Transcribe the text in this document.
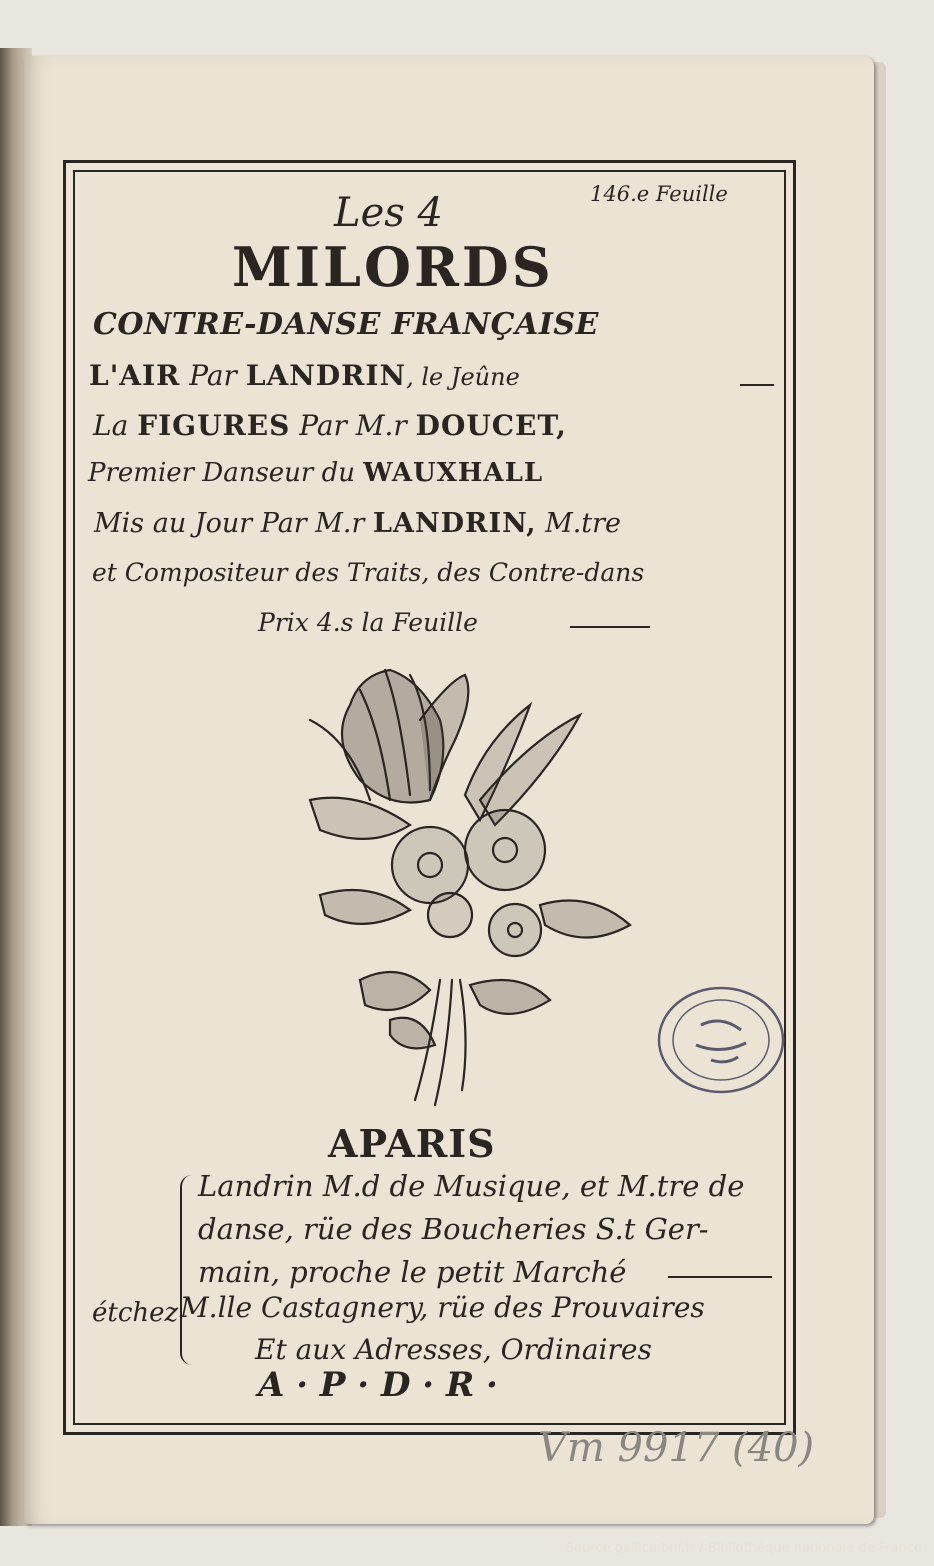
146.e Feuille
Les 4
MILORDS
CONTRE-DANSE FRANÇAISE
L'AIR Par LANDRIN, le Jeûne
La FIGURES Par M.r DOUCET,
Premier Danseur du WAUXHALL
Mis au Jour Par M.r LANDRIN, M.tre
et Compositeur des Traits, des Contre-dans
Prix 4.s la Feuille
APARIS
Landrin M.d de Musique, et M.tre de
danse, rüe des Boucheries S.t Ger-
main, proche le petit Marché
étchez M.lle Castagnery, rüe des Prouvaires
Et aux Adresses, Ordinaires
A · P · D · R ·
Vm 9917 (40)
Source gallica.bnf.fr / Bibliothèque nationale de France
